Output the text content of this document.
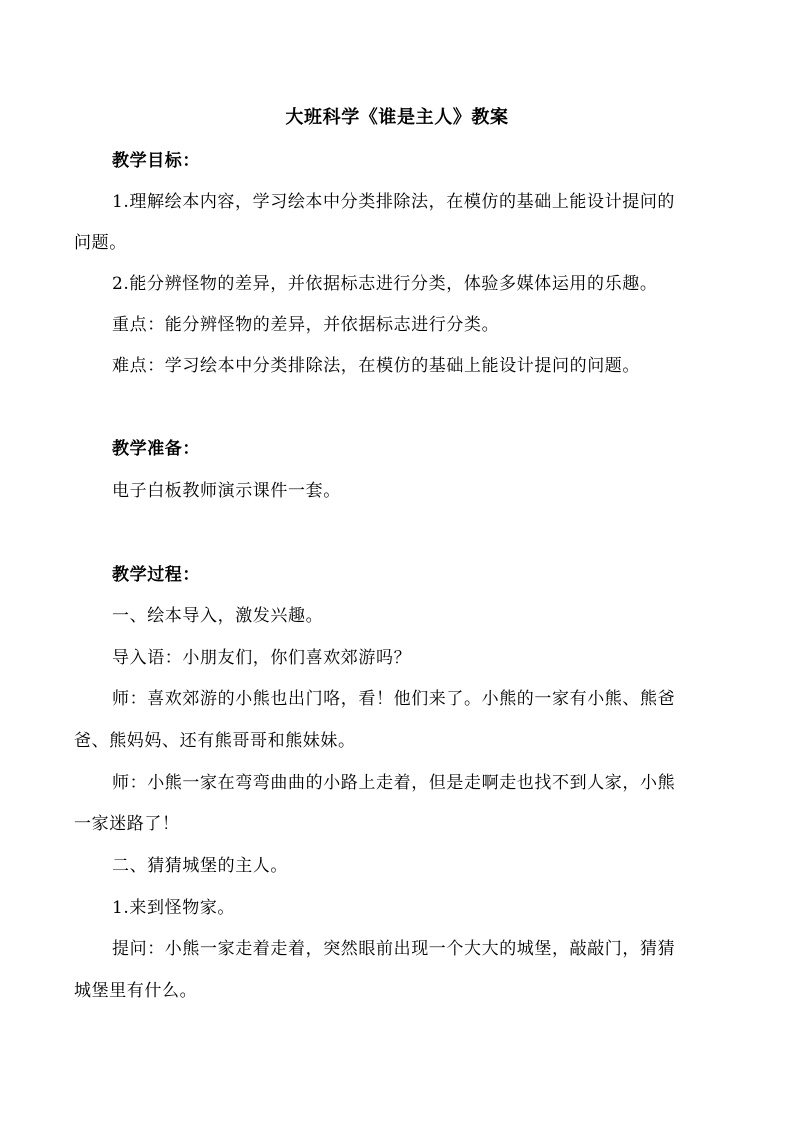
大班科学《谁是主人》教案
教学目标：
1.理解绘本内容，学习绘本中分类排除法，在模仿的基础上能设计提问的
问题。
2.能分辨怪物的差异，并依据标志进行分类，体验多媒体运用的乐趣。
重点：能分辨怪物的差异，并依据标志进行分类。
难点：学习绘本中分类排除法，在模仿的基础上能设计提问的问题。
教学准备：
电子白板教师演示课件一套。
教学过程：
一、绘本导入，激发兴趣。
导入语：小朋友们，你们喜欢郊游吗？
师：喜欢郊游的小熊也出门咯，看！他们来了。小熊的一家有小熊、熊爸
爸、熊妈妈、还有熊哥哥和熊妹妹。
师：小熊一家在弯弯曲曲的小路上走着，但是走啊走也找不到人家，小熊
一家迷路了！
二、猜猜城堡的主人。
1.来到怪物家。
提问：小熊一家走着走着，突然眼前出现一个大大的城堡，敲敲门，猜猜
城堡里有什么。
